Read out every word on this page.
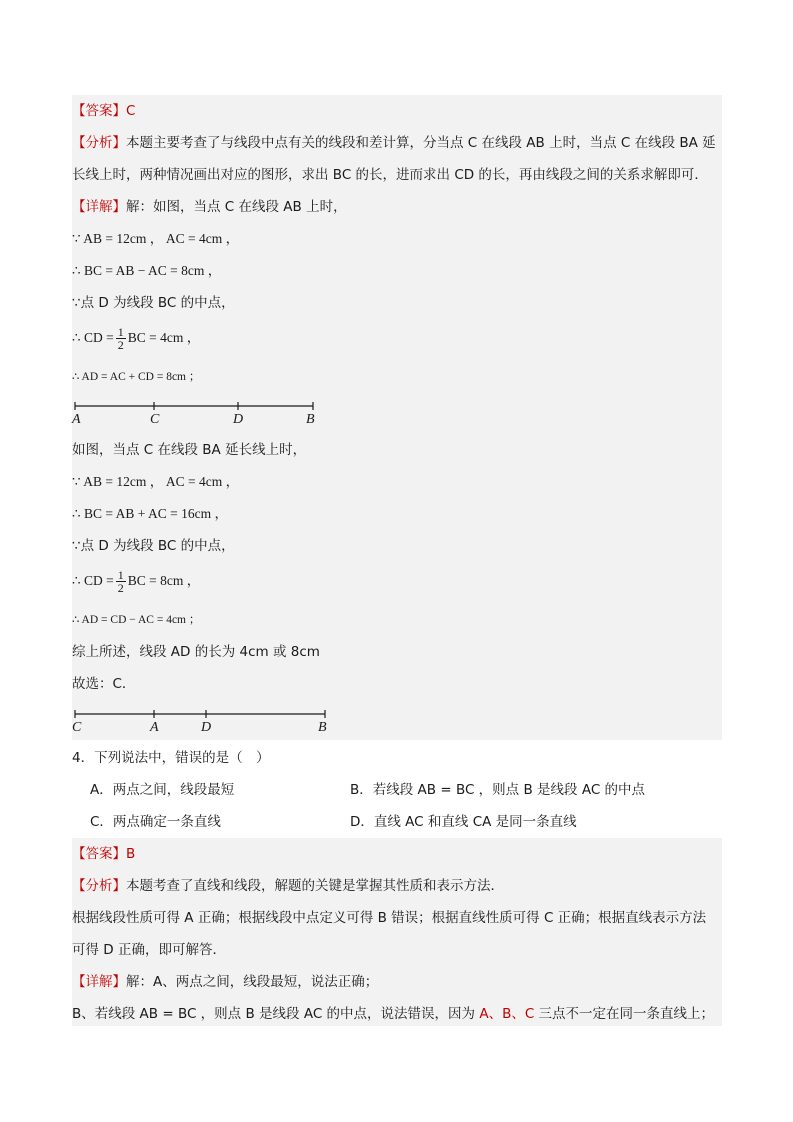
【答案】C
【分析】本题主要考查了与线段中点有关的线段和差计算，分当点 C 在线段 AB 上时，当点 C 在线段 BA 延
长线上时，两种情况画出对应的图形，求出 BC 的长，进而求出 CD 的长，再由线段之间的关系求解即可．
【详解】解：如图，当点 C 在线段 AB 上时，
∵ AB = 12cm ， AC = 4cm ，
∴ BC = AB − AC = 8cm ，
∵点 D 为线段 BC 的中点，
∴ CD = $\frac{1}{2}$ BC = 4cm ，
∴ AD = AC + CD = 8cm ；
A	C	D	B
如图，当点 C 在线段 BA 延长线上时，
∵ AB = 12cm ， AC = 4cm ，
∴ BC = AB + AC = 16cm ，
∵点 D 为线段 BC 的中点，
∴ CD = $\frac{1}{2}$ BC = 8cm ，
∴ AD = CD − AC = 4cm ；
综上所述，线段 AD 的长为 4cm 或 8cm
故选：C．
C	A	D	B
4．下列说法中，错误的是（　）
A．两点之间，线段最短	B．若线段 AB = BC ，则点 B 是线段 AC 的中点
C．两点确定一条直线	D．直线 AC 和直线 CA 是同一条直线
【答案】B
【分析】本题考查了直线和线段，解题的关键是掌握其性质和表示方法．
根据线段性质可得 A 正确；根据线段中点定义可得 B 错误；根据直线性质可得 C 正确；根据直线表示方法
可得 D 正确，即可解答．
【详解】解：A、两点之间，线段最短，说法正确；
B、若线段 AB = BC ，则点 B 是线段 AC 的中点，说法错误，因为 A、B、C 三点不一定在同一条直线上；
